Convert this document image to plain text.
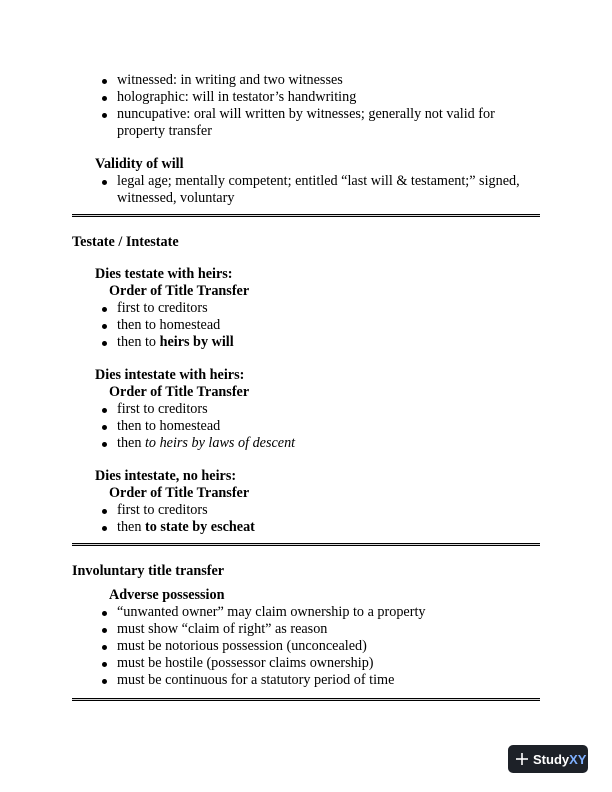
witnessed: in writing and two witnesses
holographic: will in testator’s handwriting
nuncupative: oral will written by witnesses; generally not valid for property transfer
Validity of will
legal age; mentally competent; entitled “last will & testament;” signed, witnessed, voluntary
Testate / Intestate
Dies testate with heirs:
Order of Title Transfer
first to creditors
then to homestead
then to heirs by will
Dies intestate with heirs:
Order of Title Transfer
first to creditors
then to homestead
then to heirs by laws of descent
Dies intestate, no heirs:
Order of Title Transfer
first to creditors
then to state by escheat
Involuntary title transfer
Adverse possession
“unwanted owner” may claim ownership to a property
must show “claim of right” as reason
must be notorious possession (unconcealed)
must be hostile (possessor claims ownership)
must be continuous for a statutory period of time
Study XY
